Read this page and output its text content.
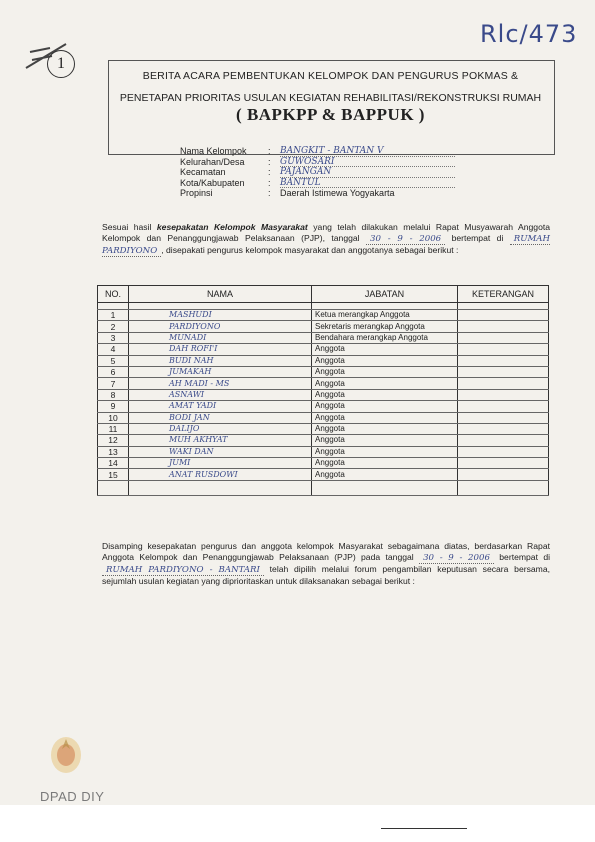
Rlc/473
1
BERITA ACARA PEMBENTUKAN KELOMPOK DAN PENGURUS POKMAS &
PENETAPAN PRIORITAS USULAN KEGIATAN REHABILITASI/REKONSTRUKSI RUMAH
( BAPKPP & BAPPUK )
Nama Kelompok	:	BANGKIT - BANTAN V
Kelurahan/Desa	:	GUWOSARI
Kecamatan	:	PAJANGAN
Kota/Kabupaten	:	BANTUL
Propinsi	:	Daerah Istimewa Yogyakarta
Sesuai hasil kesepakatan Kelompok Masyarakat yang telah dilakukan melalui Rapat Musyawarah Anggota Kelompok dan Penanggungjawab Pelaksanaan (PJP), tanggal 30 - 9 - 2006 bertempat di RUMAH PARDIYONO , disepakati pengurus kelompok masyarakat dan anggotanya sebagai berikut :
NO.	NAMA	JABATAN	KETERANGAN

1	MASHUDI	Ketua merangkap Anggota	
2	PARDIYONO	Sekretaris merangkap Anggota	
3	MUNADI	Bendahara merangkap Anggota	
4	DAH ROFI'I	Anggota	
5	BUDI NAH	Anggota	
6	JUMAKAH	Anggota	
7	AH MADI - MS	Anggota	
8	ASNAWI	Anggota	
9	AMAT YADI	Anggota	
10	BODI JAN	Anggota	
11	DALIJO	Anggota	
12	MUH AKHYAT	Anggota	
13	WAKI DAN	Anggota	
14	JUMI	Anggota	
15	ANAT RUSDOWI	Anggota	

Disamping kesepakatan pengurus dan anggota kelompok Masyarakat sebagaimana diatas, berdasarkan Rapat Anggota Kelompok dan Penanggungjawab Pelaksanaan (PJP) pada tanggal 30 - 9 - 2006 bertempat di RUMAH PARDIYONO - BANTARI telah dipilih melalui forum pengambilan keputusan secara bersama, sejumlah usulan kegiatan yang diprioritaskan untuk dilaksanakan sebagai berikut :
DPAD DIY
